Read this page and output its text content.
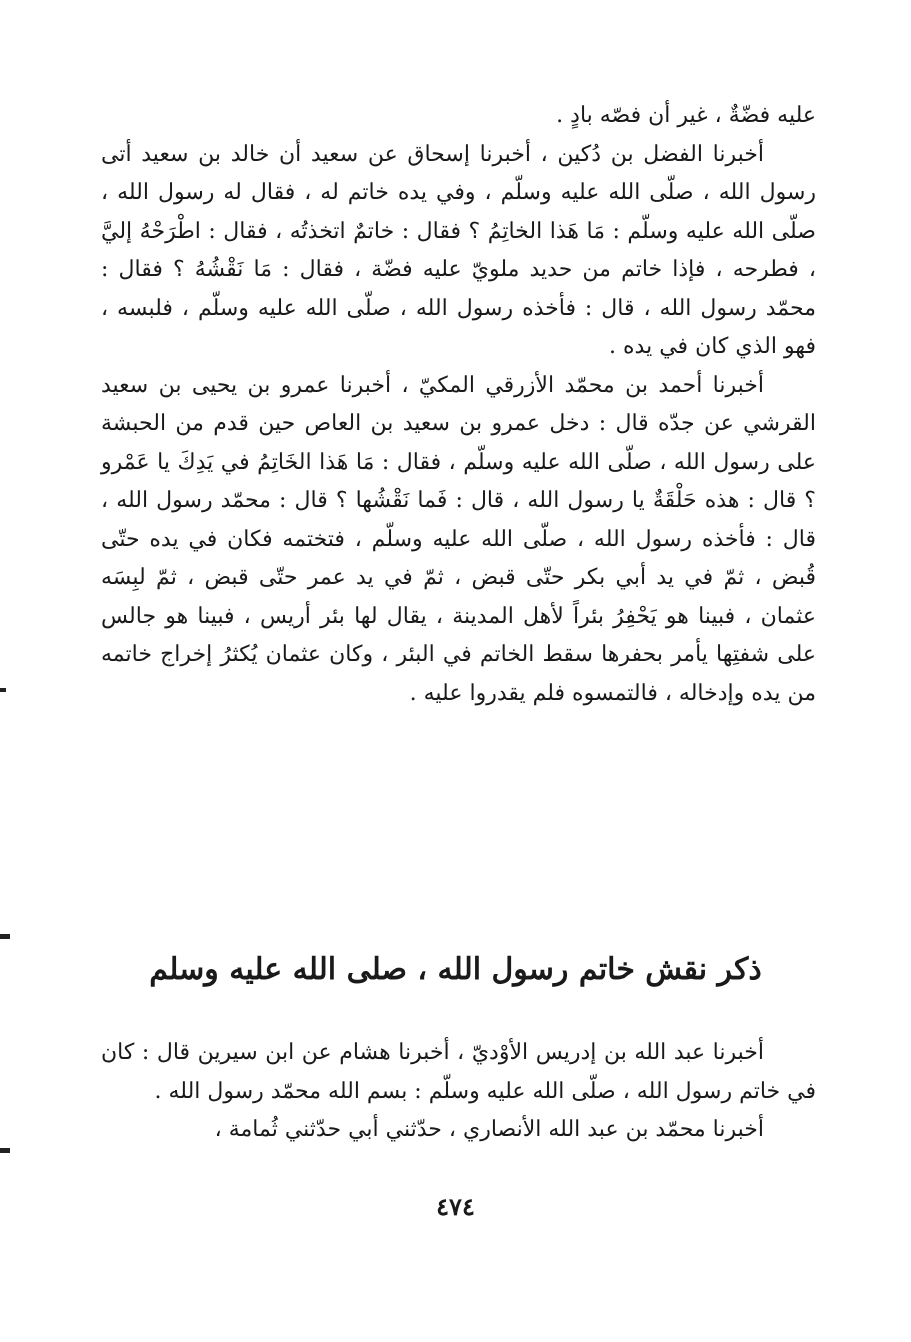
عليه فضّةٌ ، غير أن فصّه بادٍ .

أخبرنا الفضل بن دُكين ، أخبرنا إسحاق عن سعيد أن خالد بن سعيد أتى رسول الله ، صلّى الله عليه وسلّم ، وفي يده خاتم له ، فقال له رسول الله ، صلّى الله عليه وسلّم : مَا هَذا الخاتِمُ ؟ فقال : خاتمٌ اتخذتُه ، فقال : اطْرَحْهُ إليَّ ، فطرحه ، فإذا خاتم من حديد ملويّ عليه فضّة ، فقال : مَا نَقْشُهُ ؟ فقال : محمّد رسول الله ، قال : فأخذه رسول الله ، صلّى الله عليه وسلّم ، فلبسه ، فهو الذي كان في يده .

أخبرنا أحمد بن محمّد الأزرقي المكيّ ، أخبرنا عمرو بن يحيى بن سعيد القرشي عن جدّه قال : دخل عمرو بن سعيد بن العاص حين قدم من الحبشة على رسول الله ، صلّى الله عليه وسلّم ، فقال : مَا هَذا الخَاتِمُ في يَدِكَ يا عَمْرو ؟ قال : هذه حَلْقَةٌ يا رسول الله ، قال : فَما نَقْشُها ؟ قال : محمّد رسول الله ، قال : فأخذه رسول الله ، صلّى الله عليه وسلّم ، فتختمه فكان في يده حتّى قُبض ، ثمّ في يد أبي بكر حتّى قبض ، ثمّ في يد عمر حتّى قبض ، ثمّ لبِسَه عثمان ، فبينا هو يَحْفِرُ بئراً لأهل المدينة ، يقال لها بئر أريس ، فبينا هو جالس على شفتِها يأمر بحفرها سقط الخاتم في البئر ، وكان عثمان يُكثرُ إخراج خاتمه من يده وإدخاله ، فالتمسوه فلم يقدروا عليه .

ذكر نقش خاتم رسول الله ، صلى الله عليه وسلم

أخبرنا عبد الله بن إدريس الأوْديّ ، أخبرنا هشام عن ابن سيرين قال : كان في خاتم رسول الله ، صلّى الله عليه وسلّم : بسم الله محمّد رسول الله .

أخبرنا محمّد بن عبد الله الأنصاري ، حدّثني أبي حدّثني ثُمامة ،

٤٧٤
